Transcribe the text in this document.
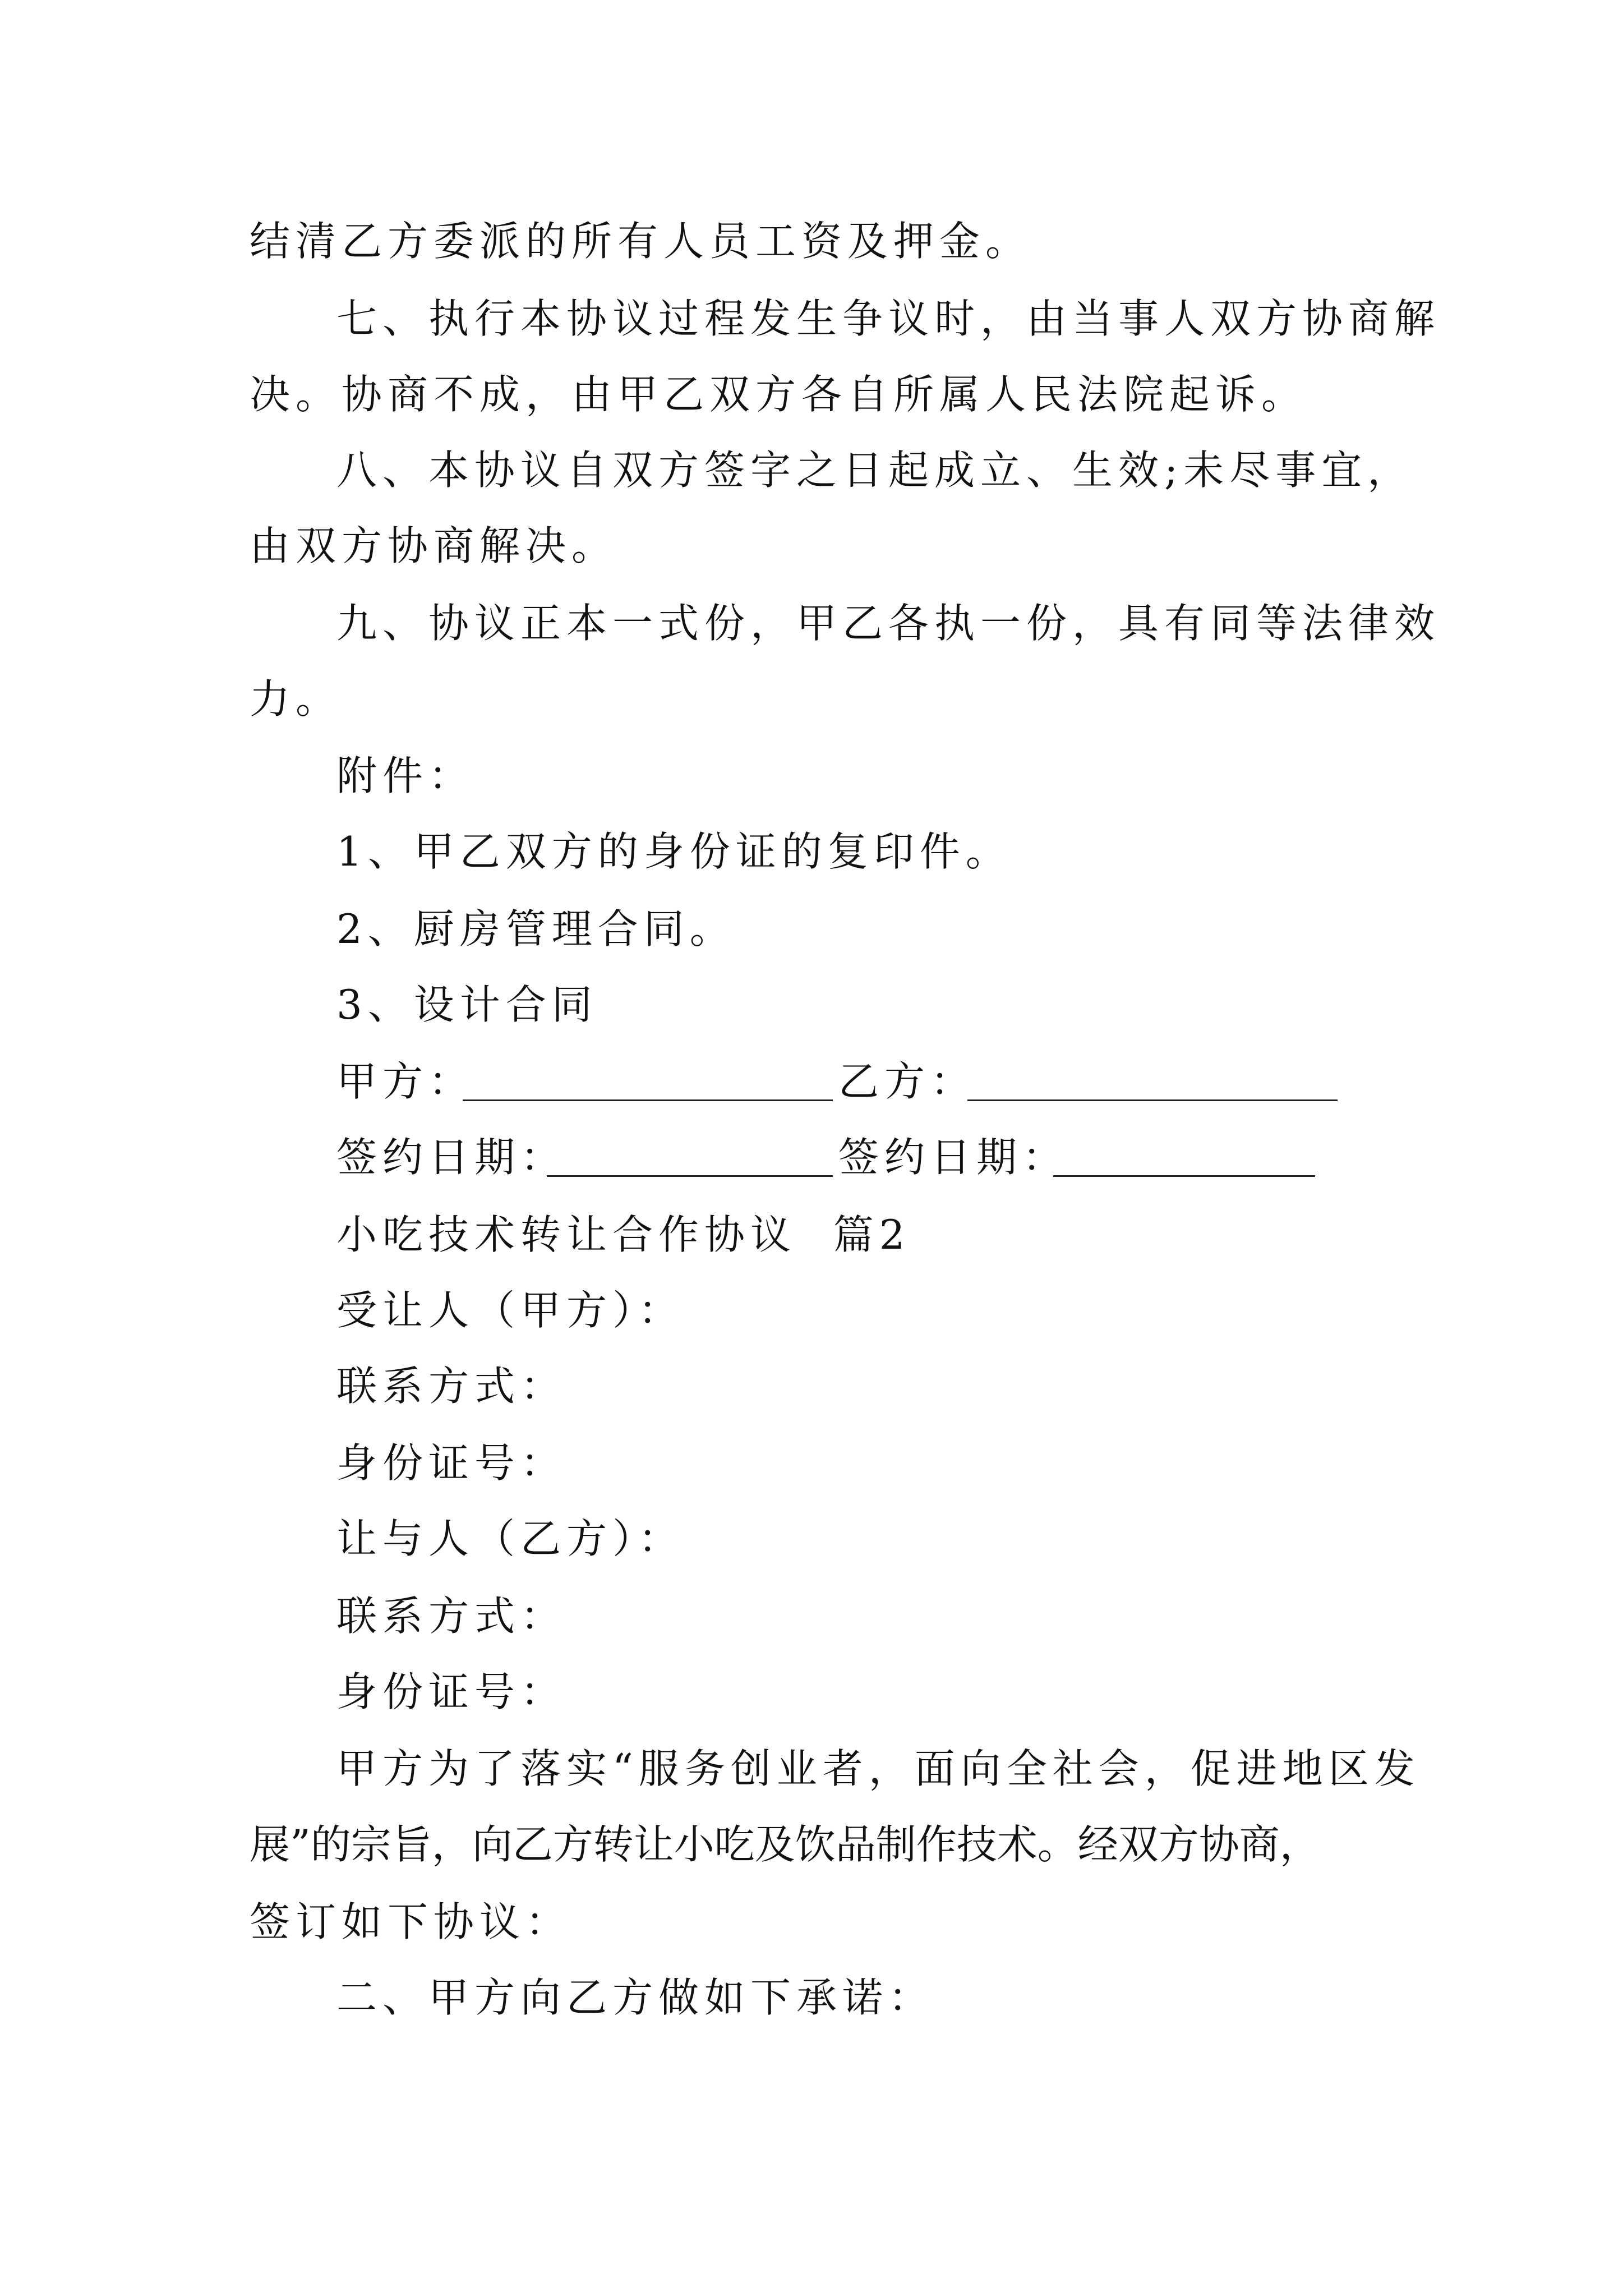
结清乙方委派的所有人员工资及押金。
七、执行本协议过程发生争议时，由当事人双方协商解
决。协商不成，由甲乙双方各自所属人民法院起诉。
八、本协议自双方签字之日起成立、生效;未尽事宜，
由双方协商解决。
九、协议正本一式份，甲乙各执一份，具有同等法律效
力。
附件：
1、甲乙双方的身份证的复印件。
2、厨房管理合同。
3、设计合同
甲方：	乙方：
签约日期：	签约日期：
小吃技术转让合作协议  篇2
受让人（甲方）：
联系方式：
身份证号：
让与人（乙方）：
联系方式：
身份证号：
甲方为了落实“服务创业者，面向全社会，促进地区发
展”的宗旨，向乙方转让小吃及饮品制作技术。经双方协商，
签订如下协议：
二、甲方向乙方做如下承诺：
